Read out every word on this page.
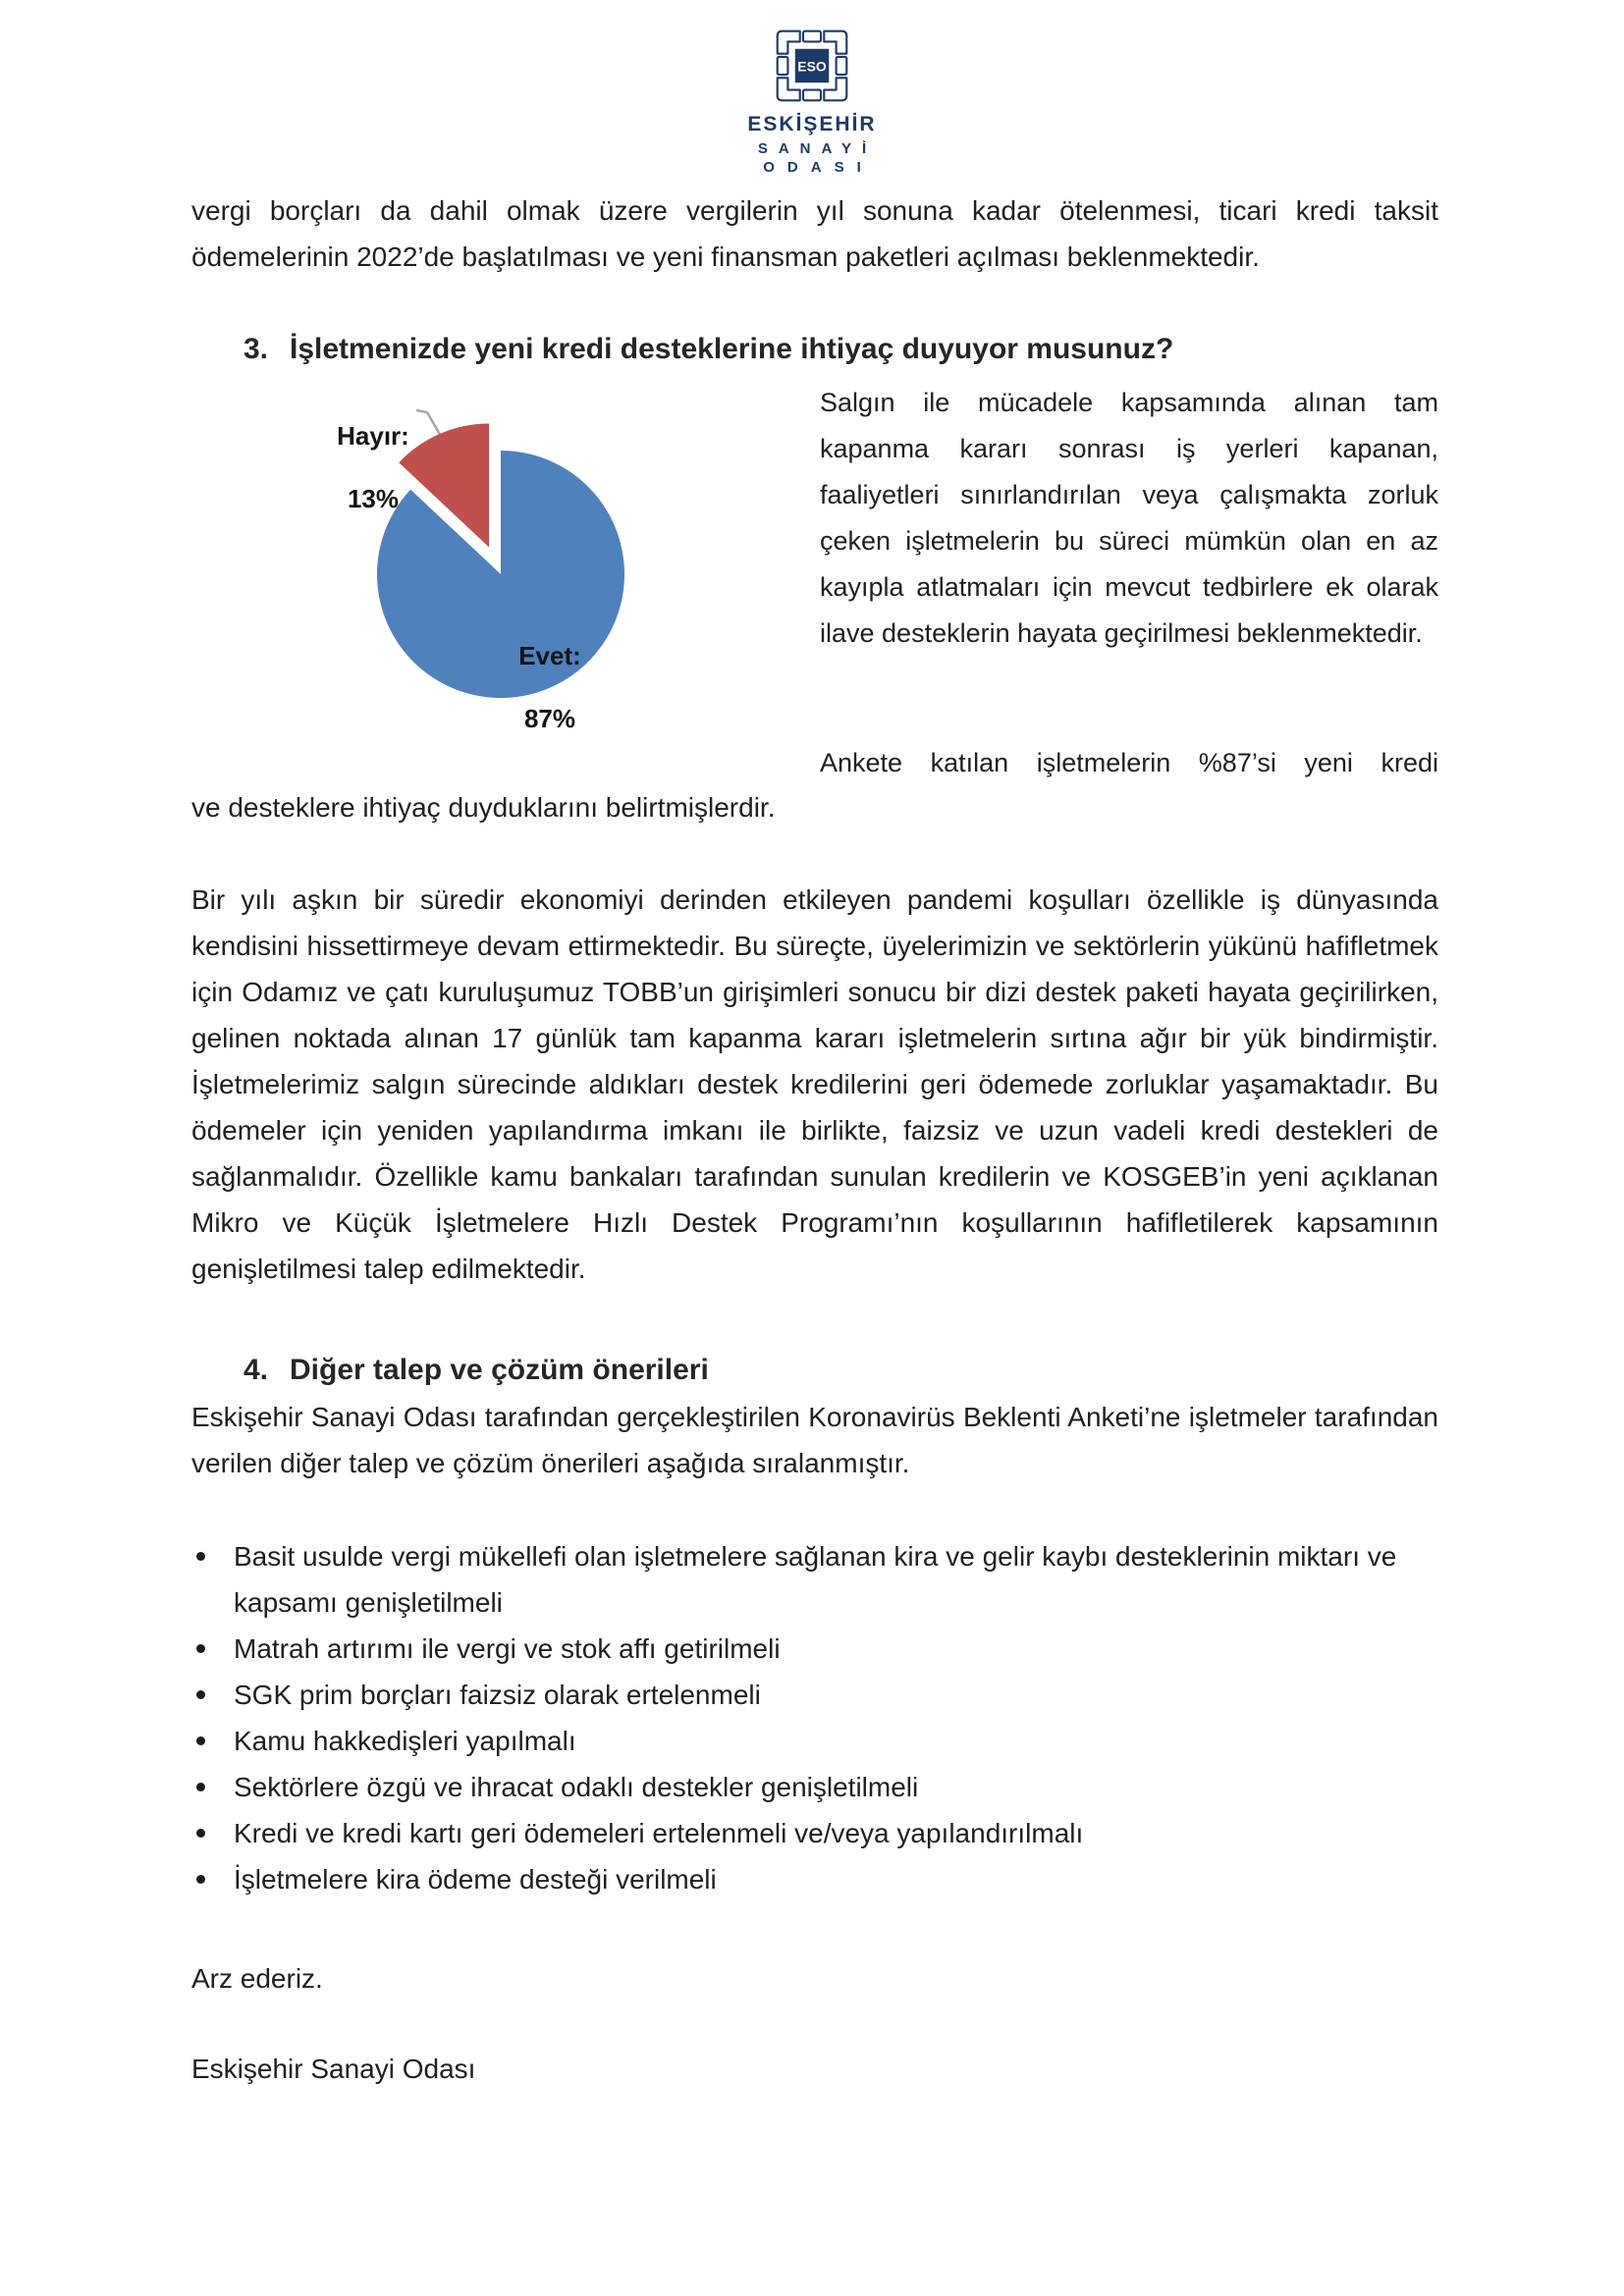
ESO
ESKİŞEHİR
SANAYİ
ODASI

vergi borçları da dahil olmak üzere vergilerin yıl sonuna kadar ötelenmesi, ticari kredi taksit ödemelerinin 2022’de başlatılması ve yeni finansman paketleri açılması beklenmektedir.

3. İşletmenizde yeni kredi desteklerine ihtiyaç duyuyor musunuz?

Hayır:

13%

Evet:

87%

Salgın ile mücadele kapsamında alınan tam kapanma kararı sonrası iş yerleri kapanan, faaliyetleri sınırlandırılan veya çalışmakta zorluk çeken işletmelerin bu süreci mümkün olan en az kayıpla atlatmaları için mevcut tedbirlere ek olarak ilave desteklerin hayata geçirilmesi beklenmektedir.

Ankete katılan işletmelerin %87’si yeni kredi
ve desteklere ihtiyaç duyduklarını belirtmişlerdir.

Bir yılı aşkın bir süredir ekonomiyi derinden etkileyen pandemi koşulları özellikle iş dünyasında kendisini hissettirmeye devam ettirmektedir. Bu süreçte, üyelerimizin ve sektörlerin yükünü hafifletmek için Odamız ve çatı kuruluşumuz TOBB’un girişimleri sonucu bir dizi destek paketi hayata geçirilirken, gelinen noktada alınan 17 günlük tam kapanma kararı işletmelerin sırtına ağır bir yük bindirmiştir. İşletmelerimiz salgın sürecinde aldıkları destek kredilerini geri ödemede zorluklar yaşamaktadır. Bu ödemeler için yeniden yapılandırma imkanı ile birlikte, faizsiz ve uzun vadeli kredi destekleri de sağlanmalıdır. Özellikle kamu bankaları tarafından sunulan kredilerin ve KOSGEB’in yeni açıklanan Mikro ve Küçük İşletmelere Hızlı Destek Programı’nın koşullarının hafifletilerek kapsamının genişletilmesi talep edilmektedir.

4. Diğer talep ve çözüm önerileri

Eskişehir Sanayi Odası tarafından gerçekleştirilen Koronavirüs Beklenti Anketi’ne işletmeler tarafından verilen diğer talep ve çözüm önerileri aşağıda sıralanmıştır.

Basit usulde vergi mükellefi olan işletmelere sağlanan kira ve gelir kaybı desteklerinin miktarı ve kapsamı genişletilmeli
Matrah artırımı ile vergi ve stok affı getirilmeli
SGK prim borçları faizsiz olarak ertelenmeli
Kamu hakkedişleri yapılmalı
Sektörlere özgü ve ihracat odaklı destekler genişletilmeli
Kredi ve kredi kartı geri ödemeleri ertelenmeli ve/veya yapılandırılmalı
İşletmelere kira ödeme desteği verilmeli
Arz ederiz.
Eskişehir Sanayi Odası
